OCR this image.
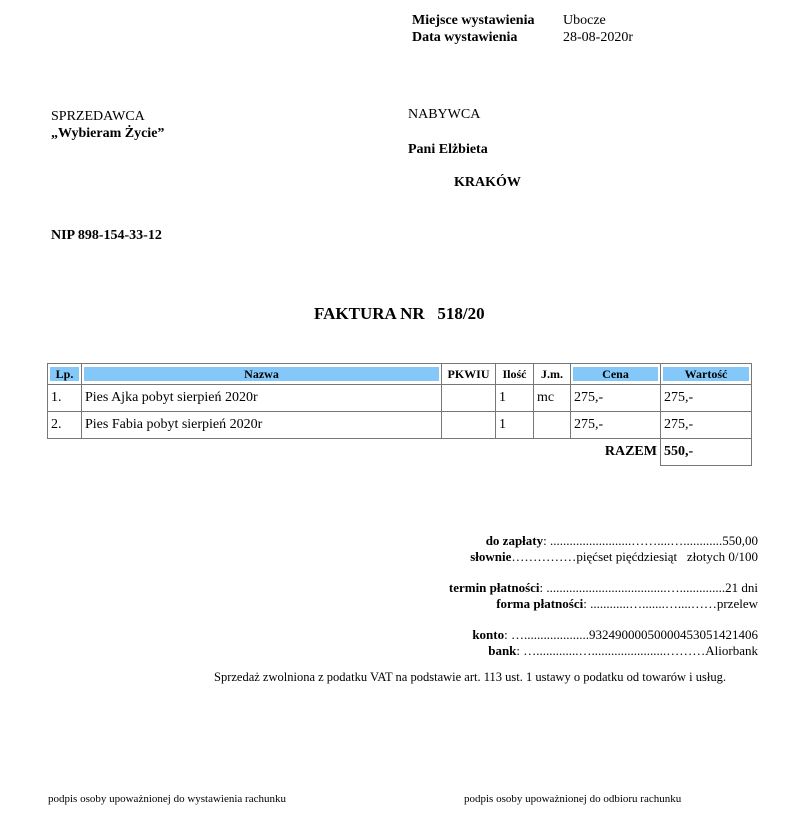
Miejsce wystawienia Ubocze
Data wystawienia	28-08-2020r
SPRZEDAWCA
„Wybieram Życie”
NIP 898-154-33-12
NABYWCA
Pani Elżbieta
KRAKÓW
FAKTURA NR   518/20
Lp.	Nazwa	PKWIU	Ilość	J.m.	Cena	Wartość

1.	Pies Ajka pobyt sierpień 2020r		1	mc	275,-	275,-
2.	Pies Fabia pobyt sierpień 2020r		1		275,-	275,-
RAZEM						550,-
do zapłaty: .........................……....…............550,00
słownie……………pięćset pięćdziesiąt   złotych 0/100
termin płatności: .....................................…..............21 dni
forma płatności: ............….......…....……przelew
konto: …....................93249000050000453051421406
bank: ….............….......................………Aliorbank
Sprzedaż zwolniona z podatku VAT na podstawie art. 113 ust. 1 ustawy o podatku od towarów i usług.
podpis osoby upoważnionej do wystawienia rachunku	podpis osoby upoważnionej do odbioru rachunku
